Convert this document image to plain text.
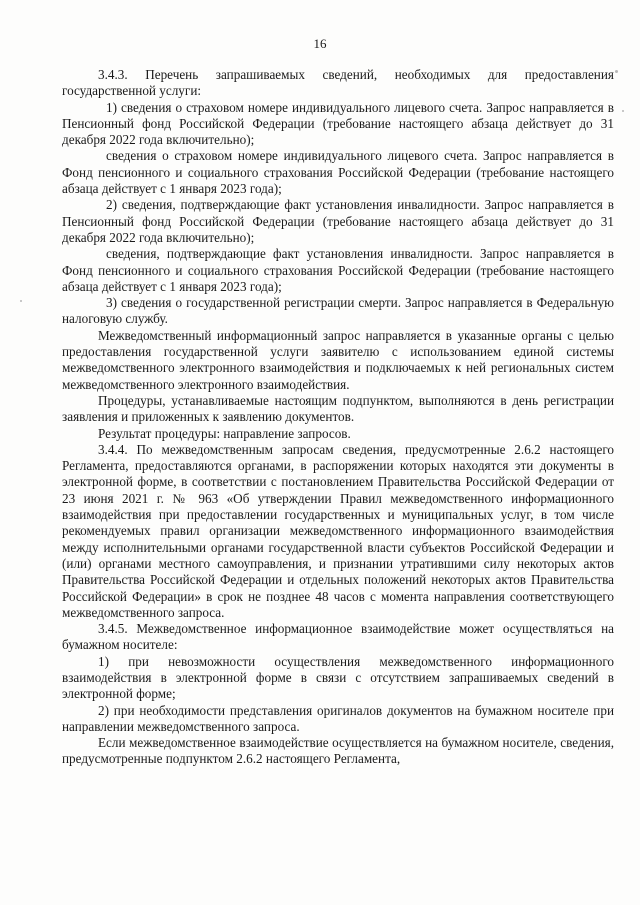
16

3.4.3. Перечень запрашиваемых сведений, необходимых для предоставления государственной услуги:

1) сведения о страховом номере индивидуального лицевого счета. Запрос направляется в Пенсионный фонд Российской Федерации (требование настоящего абзаца действует до 31 декабря 2022 года включительно);

сведения о страховом номере индивидуального лицевого счета. Запрос направляется в Фонд пенсионного и социального страхования Российской Федерации (требование настоящего абзаца действует с 1 января 2023 года);

2) сведения, подтверждающие факт установления инвалидности. Запрос направляется в Пенсионный фонд Российской Федерации (требование настоящего абзаца действует до 31 декабря 2022 года включительно);

сведения, подтверждающие факт установления инвалидности. Запрос направляется в Фонд пенсионного и социального страхования Российской Федерации (требование настоящего абзаца действует с 1 января 2023 года);

3) сведения о государственной регистрации смерти. Запрос направляется в Федеральную налоговую службу.

Межведомственный информационный запрос направляется в указанные органы с целью предоставления государственной услуги заявителю с использованием единой системы межведомственного электронного взаимодействия и подключаемых к ней региональных систем межведомственного электронного взаимодействия.

Процедуры, устанавливаемые настоящим подпунктом, выполняются в день регистрации заявления и приложенных к заявлению документов.

Результат процедуры: направление запросов.

3.4.4. По межведомственным запросам сведения, предусмотренные 2.6.2 настоящего Регламента, предоставляются органами, в распоряжении которых находятся эти документы в электронной форме, в соответствии с постановлением Правительства Российской Федерации от 23 июня 2021 г. № 963 «Об утверждении Правил межведомственного информационного взаимодействия при предоставлении государственных и муниципальных услуг, в том числе рекомендуемых правил организации межведомственного информационного взаимодействия между исполнительными органами государственной власти субъектов Российской Федерации и (или) органами местного самоуправления, и признании утратившими силу некоторых актов Правительства Российской Федерации и отдельных положений некоторых актов Правительства Российской Федерации» в срок не позднее 48 часов с момента направления соответствующего межведомственного запроса.

3.4.5. Межведомственное информационное взаимодействие может осуществляться на бумажном носителе:

1) при невозможности осуществления межведомственного информационного взаимодействия в электронной форме в связи с отсутствием запрашиваемых сведений в электронной форме;

2) при необходимости представления оригиналов документов на бумажном носителе при направлении межведомственного запроса.

Если межведомственное взаимодействие осуществляется на бумажном носителе, сведения, предусмотренные подпунктом 2.6.2 настоящего Регламента,
